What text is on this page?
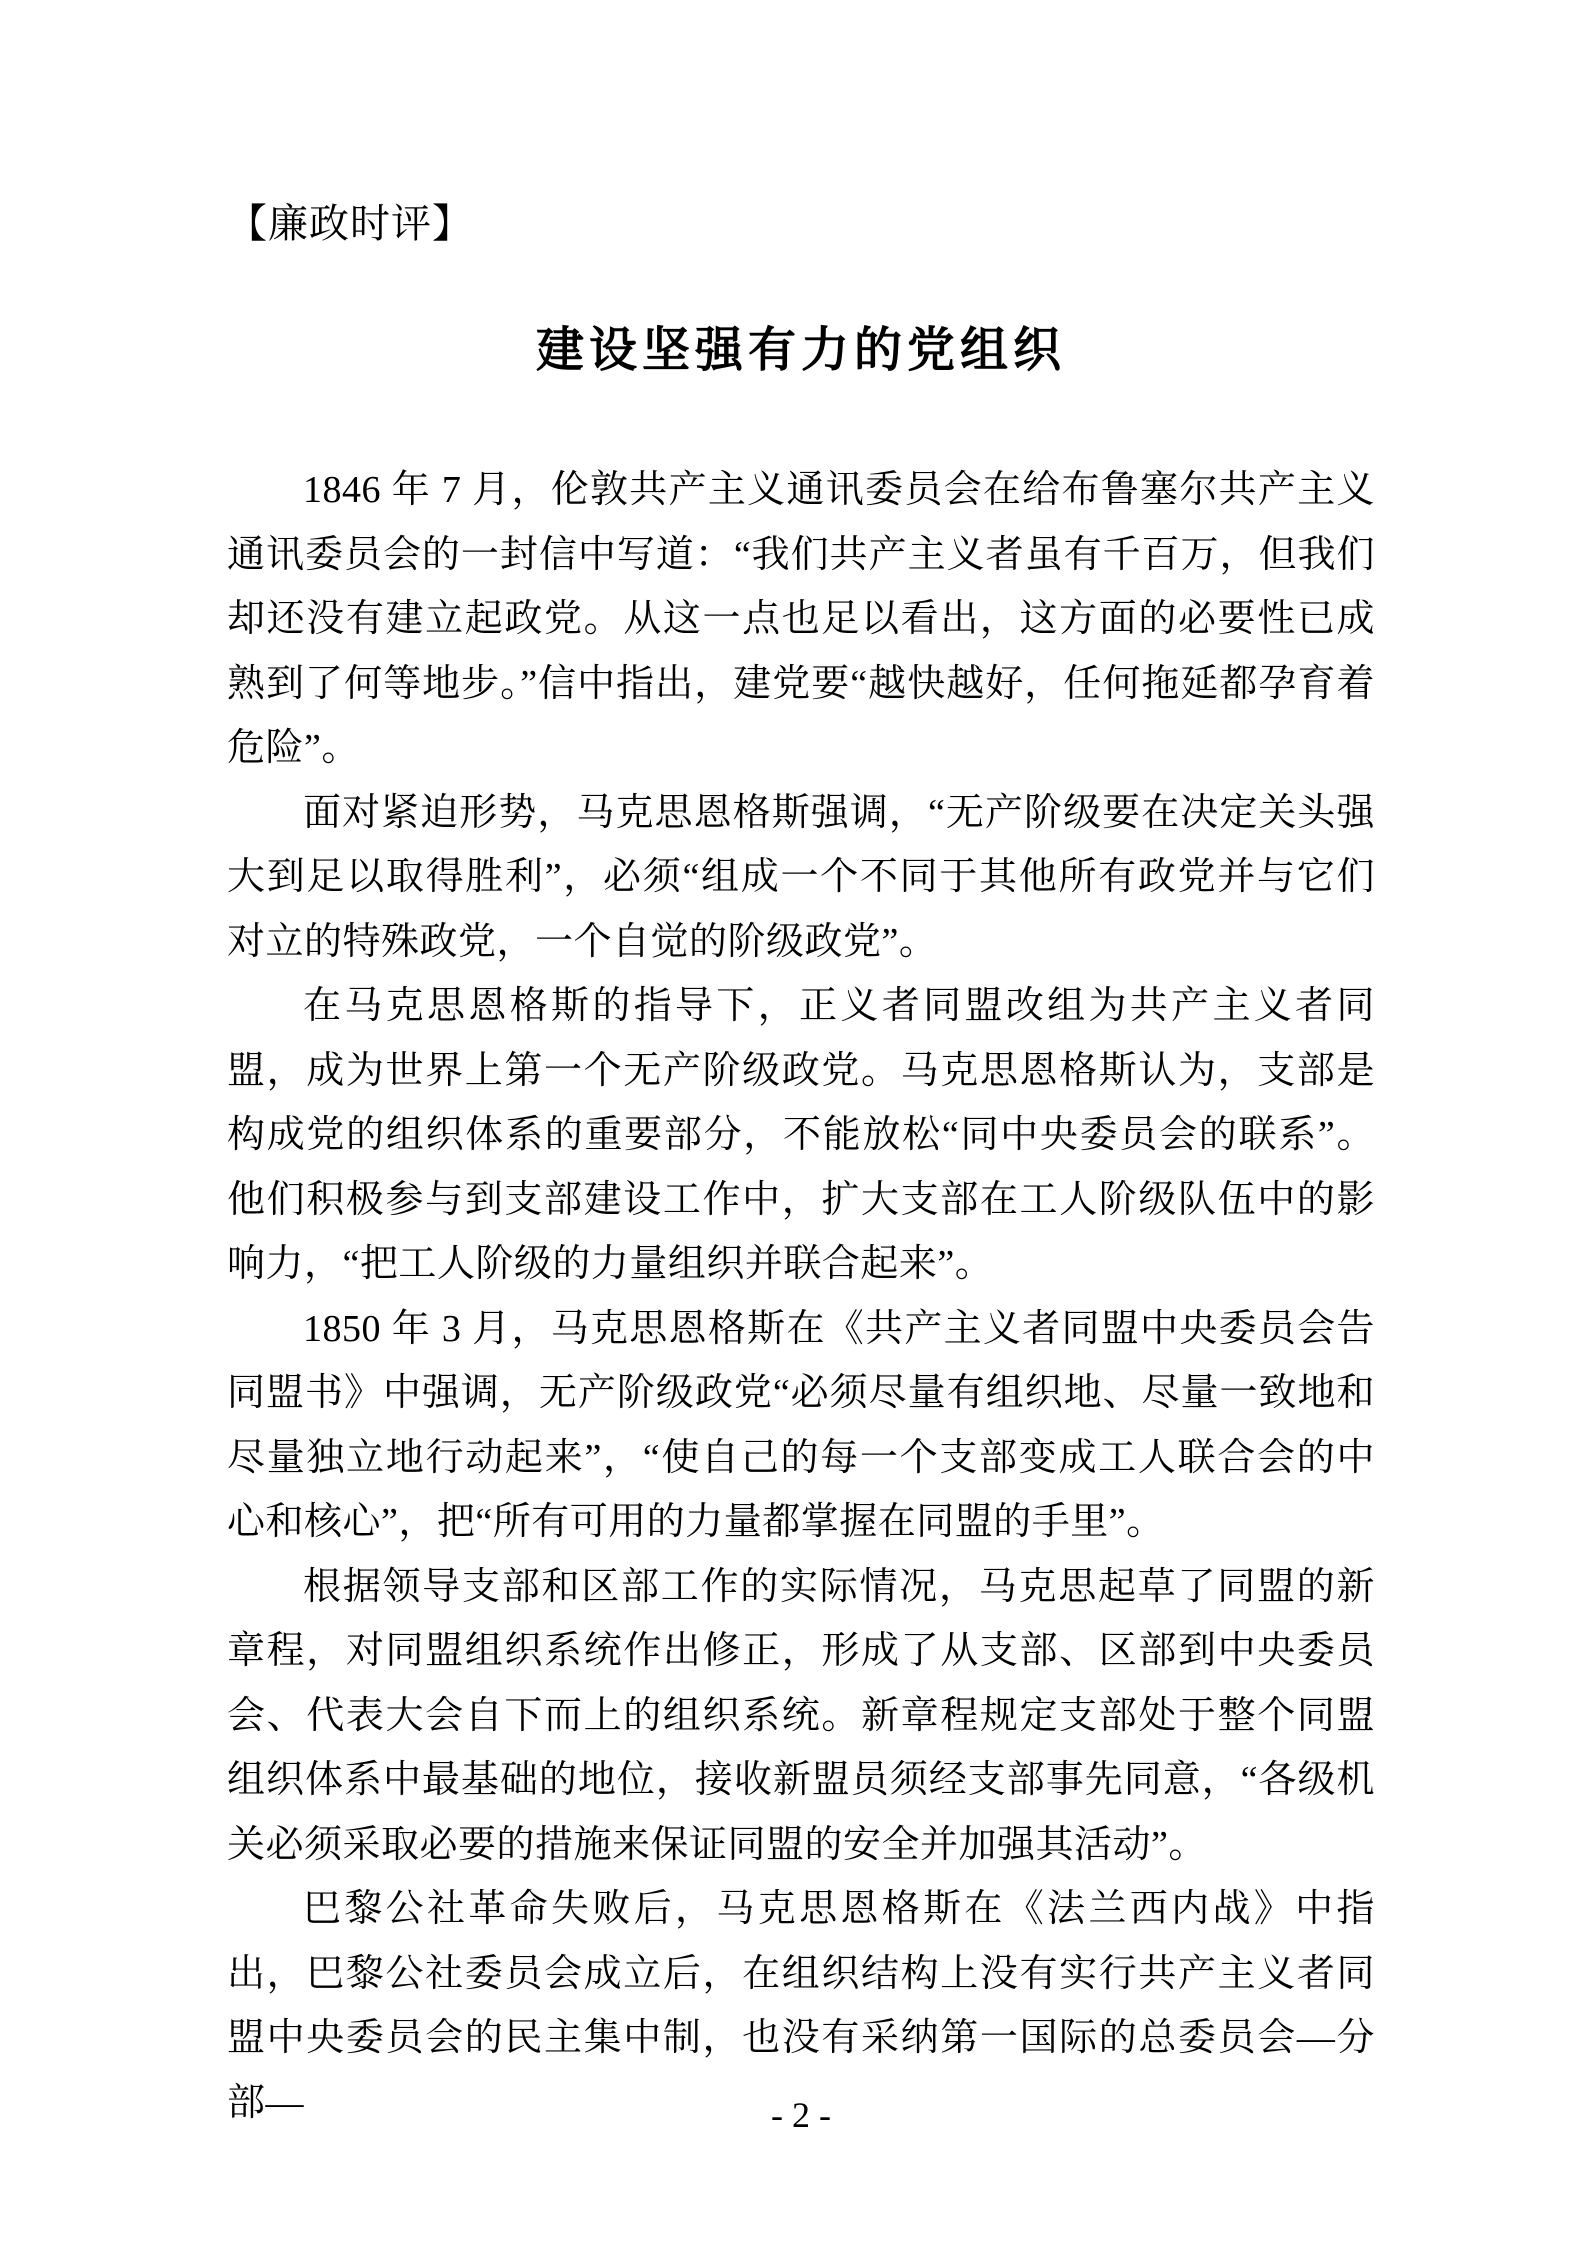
【廉政时评】
建设坚强有力的党组织

1846 年 7 月，伦敦共产主义通讯委员会在给布鲁塞尔共产主义通讯委员会的一封信中写道：“我们共产主义者虽有千百万，但我们却还没有建立起政党。从这一点也足以看出，这方面的必要性已成熟到了何等地步。”信中指出，建党要“越快越好，任何拖延都孕育着危险”。

面对紧迫形势，马克思恩格斯强调，“无产阶级要在决定关头强大到足以取得胜利”，必须“组成一个不同于其他所有政党并与它们对立的特殊政党，一个自觉的阶级政党”。

在马克思恩格斯的指导下，正义者同盟改组为共产主义者同盟，成为世界上第一个无产阶级政党。马克思恩格斯认为，支部是构成党的组织体系的重要部分，不能放松“同中央委员会的联系”。他们积极参与到支部建设工作中，扩大支部在工人阶级队伍中的影响力，“把工人阶级的力量组织并联合起来”。

1850 年 3 月，马克思恩格斯在《共产主义者同盟中央委员会告同盟书》中强调，无产阶级政党“必须尽量有组织地、尽量一致地和尽量独立地行动起来”，“使自己的每一个支部变成工人联合会的中心和核心”，把“所有可用的力量都掌握在同盟的手里”。

根据领导支部和区部工作的实际情况，马克思起草了同盟的新章程，对同盟组织系统作出修正，形成了从支部、区部到中央委员会、代表大会自下而上的组织系统。新章程规定支部处于整个同盟组织体系中最基础的地位，接收新盟员须经支部事先同意，“各级机关必须采取必要的措施来保证同盟的安全并加强其活动”。

巴黎公社革命失败后，马克思恩格斯在《法兰西内战》中指出，巴黎公社委员会成立后，在组织结构上没有实行共产主义者同盟中央委员会的民主集中制，也没有采纳第一国际的总委员会—分部—	- 2 -
